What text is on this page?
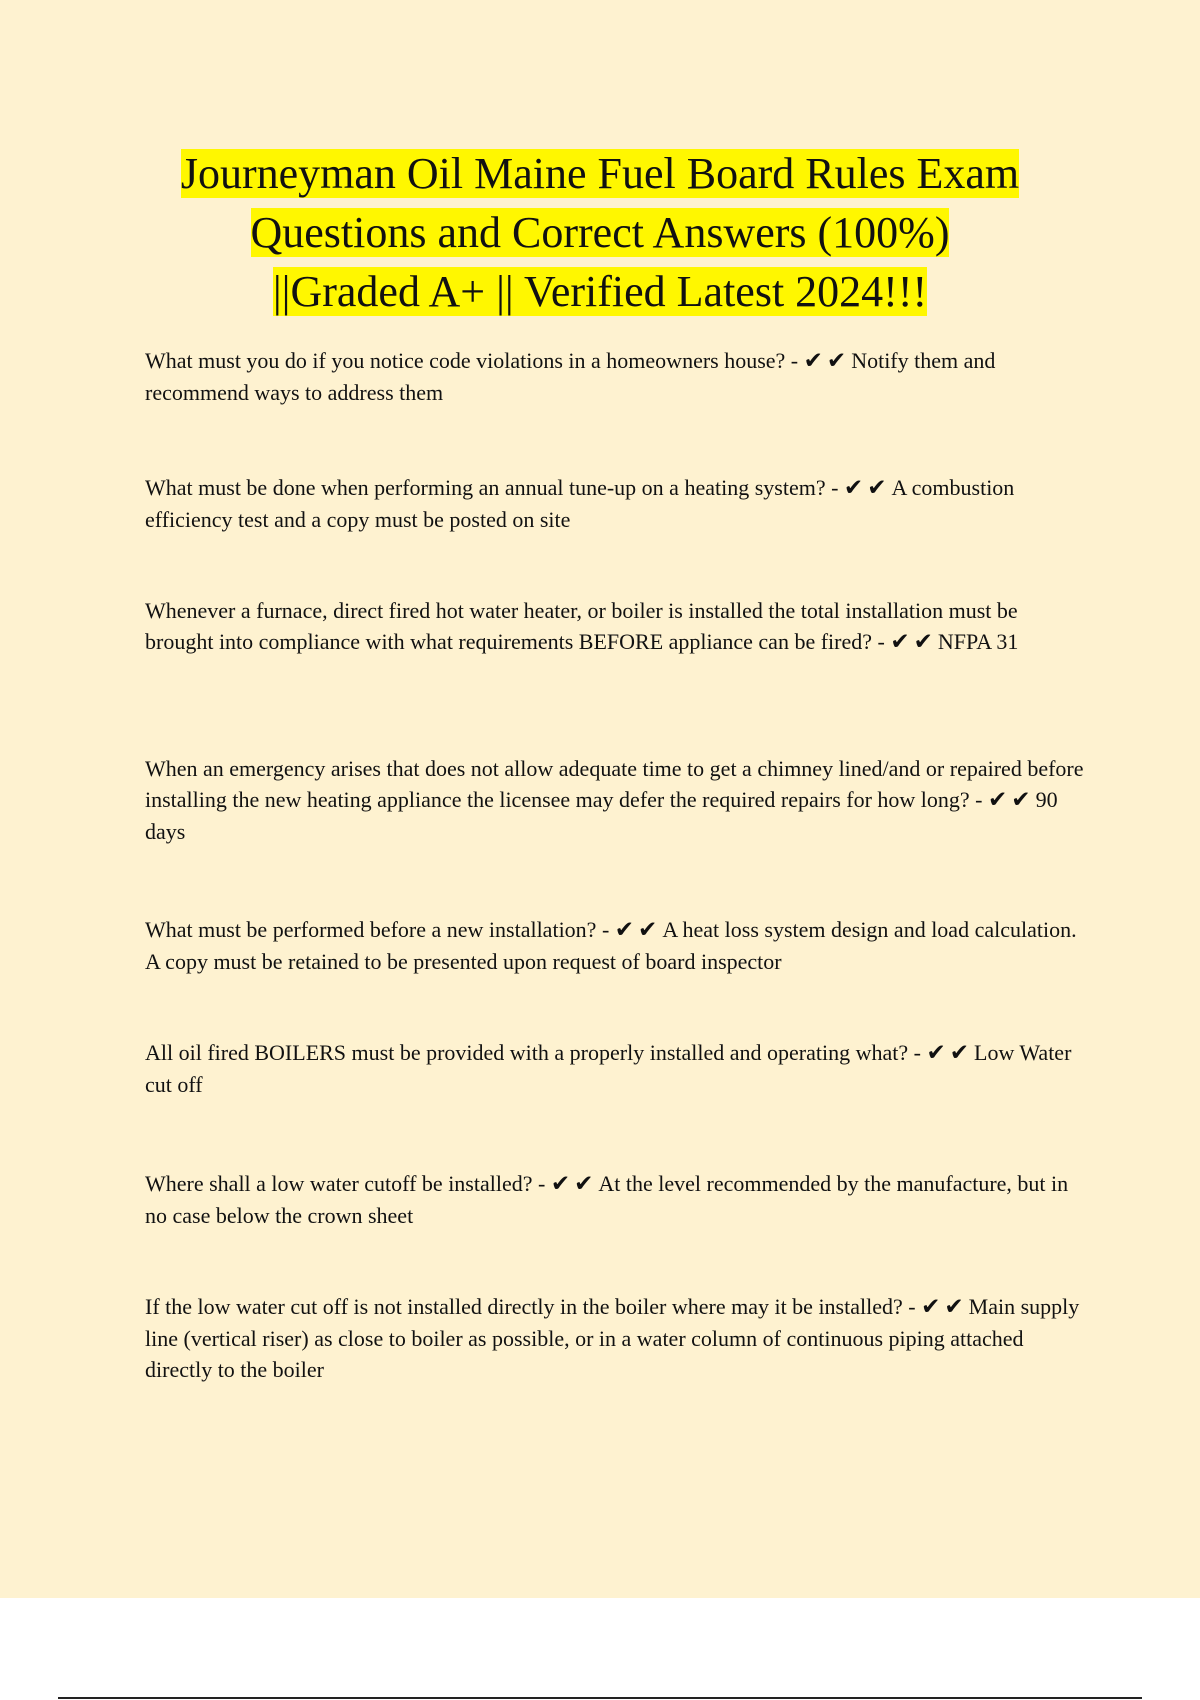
Journeyman Oil Maine Fuel Board Rules Exam
Questions and Correct Answers (100%)
||Graded A+ || Verified Latest 2024!!!

What must you do if you notice code violations in a homeowners house? - ✔✔Notify them and recommend ways to address them

What must be done when performing an annual tune-up on a heating system? - ✔✔A combustion efficiency test and a copy must be posted on site

Whenever a furnace, direct fired hot water heater, or boiler is installed the total installation must be brought into compliance with what requirements BEFORE appliance can be fired? - ✔✔NFPA 31

When an emergency arises that does not allow adequate time to get a chimney lined/and or repaired before installing the new heating appliance the licensee may defer the required repairs for how long? - ✔✔90 days

What must be performed before a new installation? - ✔✔A heat loss system design and load calculation. A copy must be retained to be presented upon request of board inspector

All oil fired BOILERS must be provided with a properly installed and operating what? - ✔✔Low Water cut off

Where shall a low water cutoff be installed? - ✔✔At the level recommended by the manufacture, but in no case below the crown sheet

If the low water cut off is not installed directly in the boiler where may it be installed? - ✔✔Main supply line (vertical riser) as close to boiler as possible, or in a water column of continuous piping attached directly to the boiler
